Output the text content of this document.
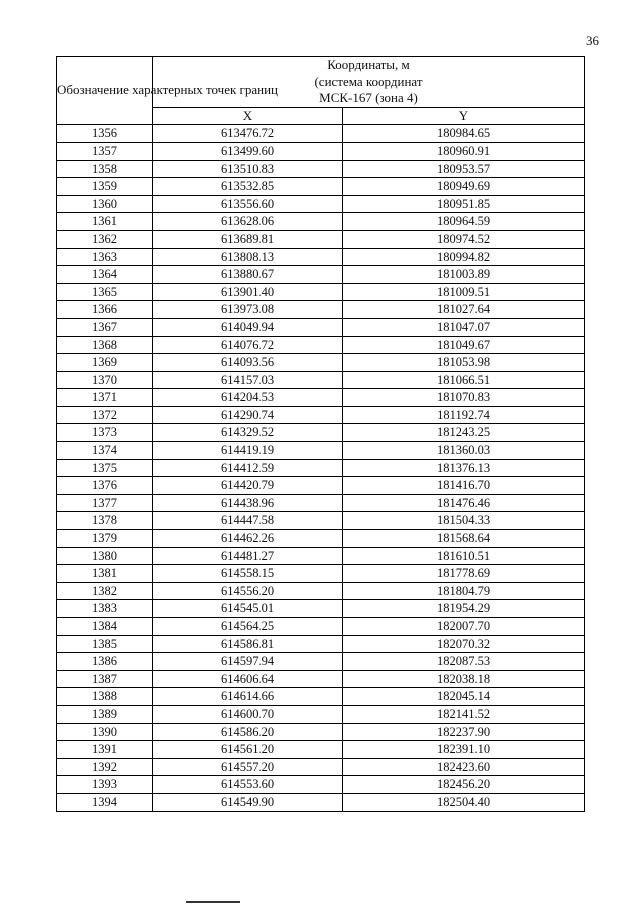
36
Обозначение характерных точек границ	Координаты, м
(система координат
МСК-167 (зона 4)	

	X	Y
1356	613476.72	180984.65
1357	613499.60	180960.91
1358	613510.83	180953.57
1359	613532.85	180949.69
1360	613556.60	180951.85
1361	613628.06	180964.59
1362	613689.81	180974.52
1363	613808.13	180994.82
1364	613880.67	181003.89
1365	613901.40	181009.51
1366	613973.08	181027.64
1367	614049.94	181047.07
1368	614076.72	181049.67
1369	614093.56	181053.98
1370	614157.03	181066.51
1371	614204.53	181070.83
1372	614290.74	181192.74
1373	614329.52	181243.25
1374	614419.19	181360.03
1375	614412.59	181376.13
1376	614420.79	181416.70
1377	614438.96	181476.46
1378	614447.58	181504.33
1379	614462.26	181568.64
1380	614481.27	181610.51
1381	614558.15	181778.69
1382	614556.20	181804.79
1383	614545.01	181954.29
1384	614564.25	182007.70
1385	614586.81	182070.32
1386	614597.94	182087.53
1387	614606.64	182038.18
1388	614614.66	182045.14
1389	614600.70	182141.52
1390	614586.20	182237.90
1391	614561.20	182391.10
1392	614557.20	182423.60
1393	614553.60	182456.20
1394	614549.90	182504.40
